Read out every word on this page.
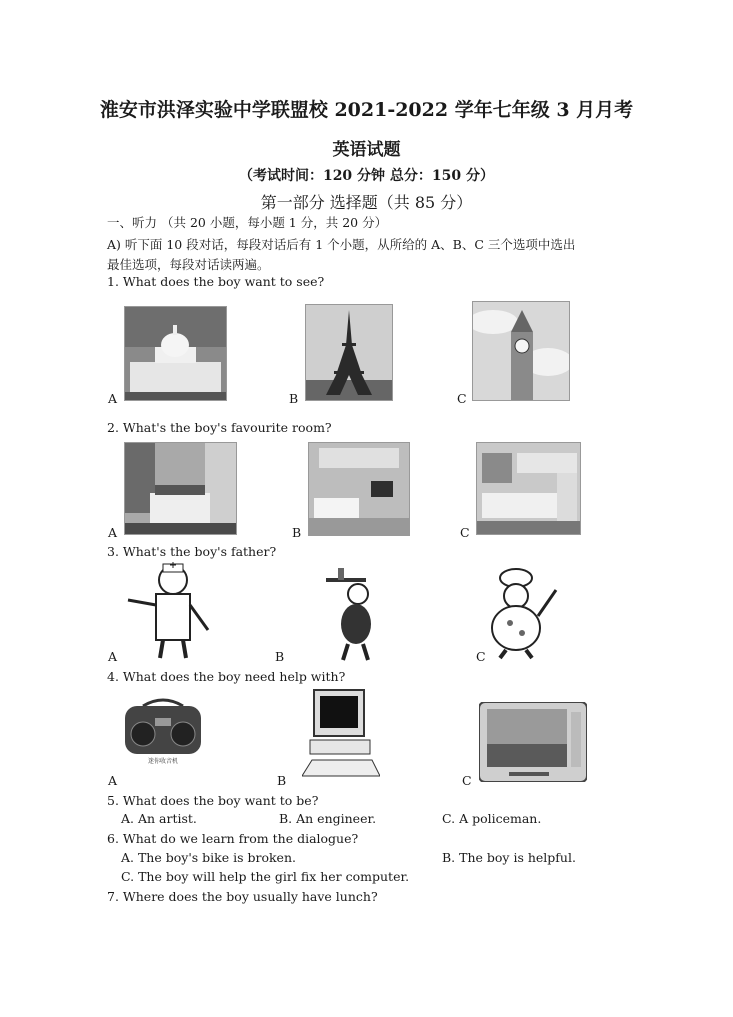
淮安市洪泽实验中学联盟校 2021-2022 学年七年级 3 月月考
英语试题
（考试时间：120 分钟 总分：150 分）
第一部分 选择题（共 85 分）
一、听力 （共 20 小题，每小题 1 分，共 20 分）
A) 听下面 10 段对话，每段对话后有 1 个小题，从所给的 A、B、C 三个选项中选出
最佳选项，每段对话读两遍。
1. What does the boy want to see?
A	B	C
2. What's the boy's favourite room?
A	B	C
3. What's the boy's father?
A	B	C
4. What does the boy need help with?
A	B	C
迷你收音机
5. What does the boy want to be?
A. An artist.	B. An engineer.	C. A policeman.
6. What do we learn from the dialogue?
A. The boy's bike is broken.	B. The boy is helpful.
C. The boy will help the girl fix her computer.
7. Where does the boy usually have lunch?
